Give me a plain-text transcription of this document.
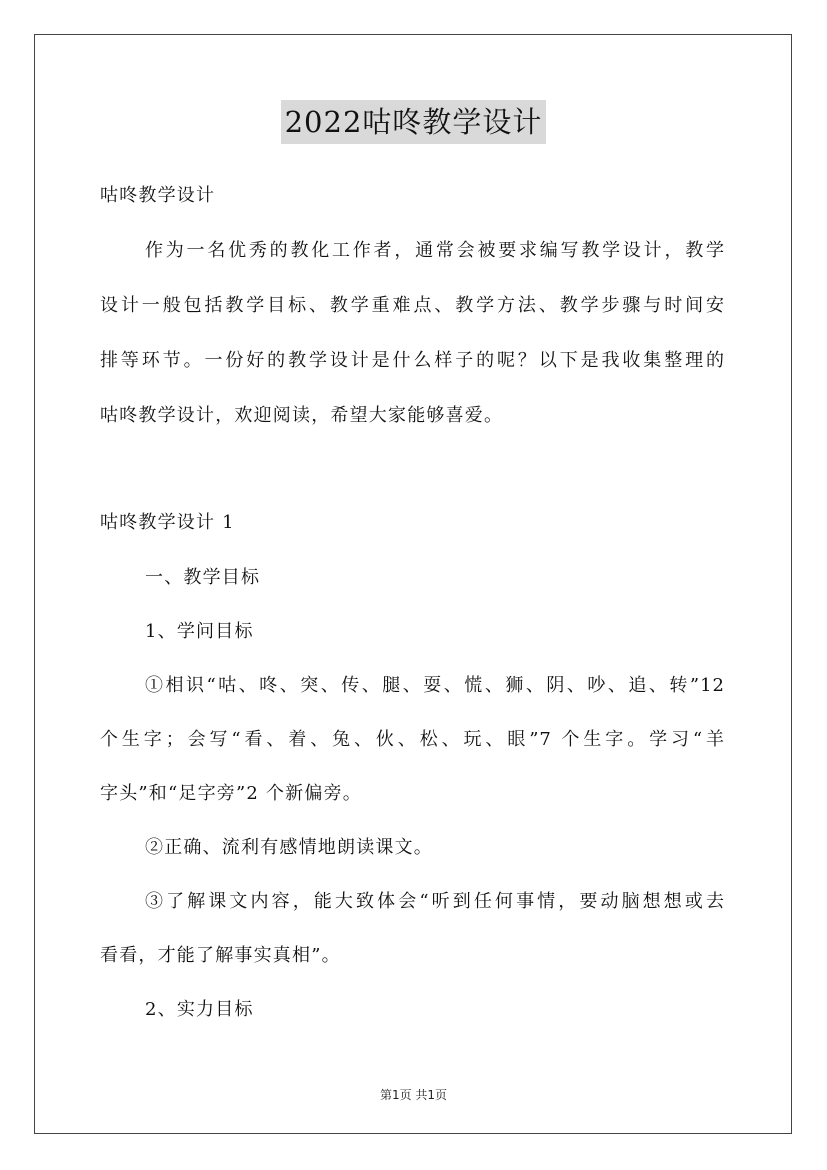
2022咕咚教学设计
咕咚教学设计
作为一名优秀的教化工作者，通常会被要求编写教学设计，教学
设计一般包括教学目标、教学重难点、教学方法、教学步骤与时间安
排等环节。一份好的教学设计是什么样子的呢？以下是我收集整理的
咕咚教学设计，欢迎阅读，希望大家能够喜爱。
咕咚教学设计 1
一、教学目标
1、学问目标
①相识“咕、咚、突、传、腿、耍、慌、狮、阴、吵、追、转”12
个生字；会写“看、着、兔、伙、松、玩、眼”7 个生字。学习“羊
字头”和“足字旁”2 个新偏旁。
②正确、流利有感情地朗读课文。
③了解课文内容，能大致体会“听到任何事情，要动脑想想或去
看看，才能了解事实真相”。
2、实力目标
第1页 共1页
